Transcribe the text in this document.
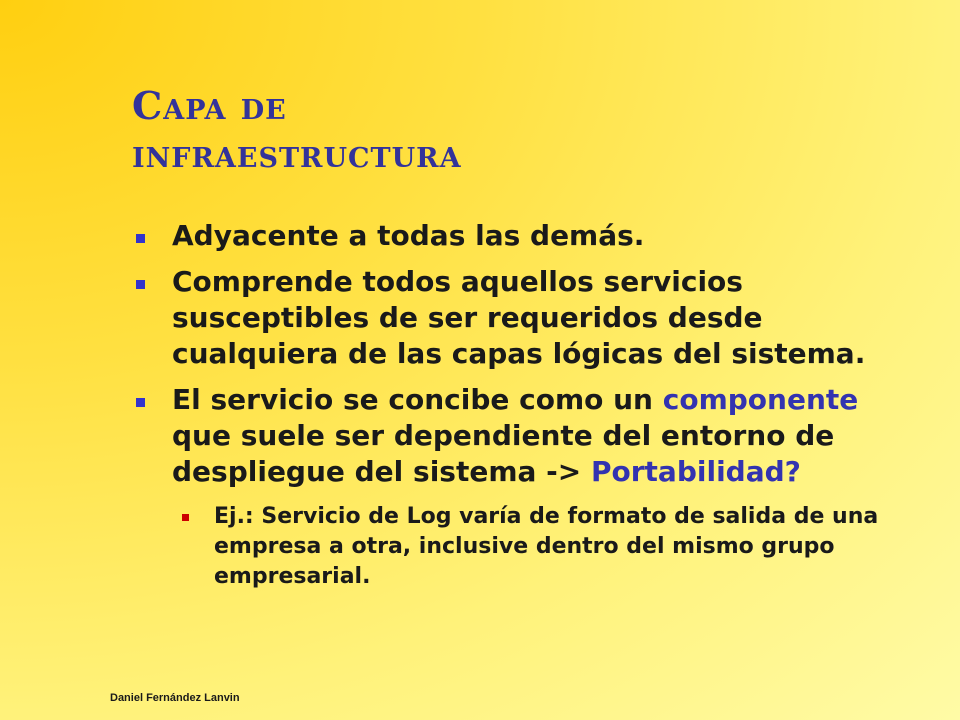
Capa de
infraestructura
Adyacente a todas las demás.
Comprende todos aquellos servicios susceptibles de ser requeridos desde cualquiera de las capas lógicas del sistema.
El servicio se concibe como un componente que suele ser dependiente del entorno de despliegue del sistema -> Portabilidad?
Ej.: Servicio de Log varía de formato de salida de una empresa a otra, inclusive dentro del mismo grupo empresarial.
Daniel Fernández Lanvin
